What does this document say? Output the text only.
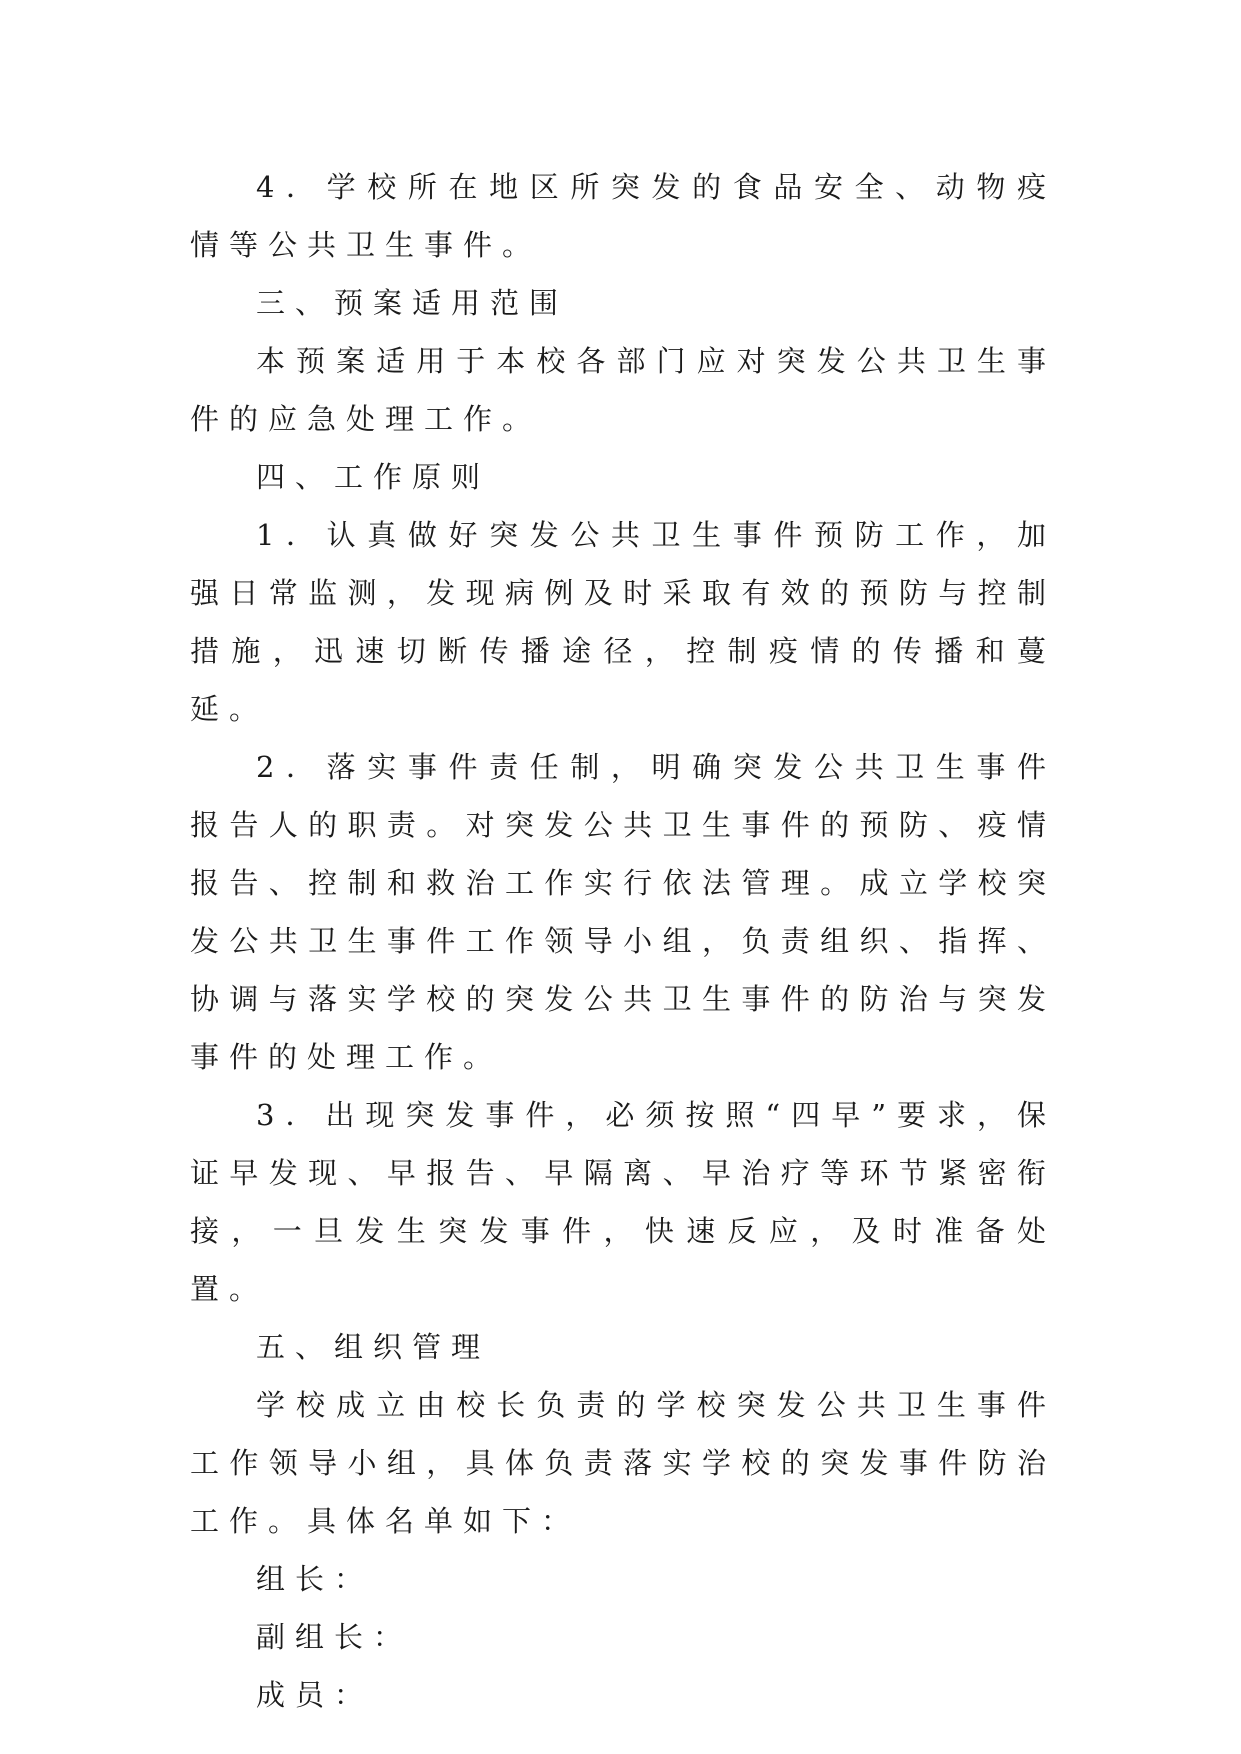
4．学校所在地区所突发的食品安全、动物疫情等公共卫生事件。

三、预案适用范围

本预案适用于本校各部门应对突发公共卫生事件的应急处理工作。

四、工作原则

1．认真做好突发公共卫生事件预防工作，加强日常监测，发现病例及时采取有效的预防与控制措施，迅速切断传播途径，控制疫情的传播和蔓延。

2．落实事件责任制，明确突发公共卫生事件报告人的职责。对突发公共卫生事件的预防、疫情报告、控制和救治工作实行依法管理。成立学校突发公共卫生事件工作领导小组，负责组织、指挥、协调与落实学校的突发公共卫生事件的防治与突发事件的处理工作。

3．出现突发事件，必须按照“四早”要求，保证早发现、早报告、早隔离、早治疗等环节紧密衔接，一旦发生突发事件，快速反应，及时准备处置。

五、组织管理

学校成立由校长负责的学校突发公共卫生事件工作领导小组，具体负责落实学校的突发事件防治工作。具体名单如下：

组长：

副组长：

成员：
